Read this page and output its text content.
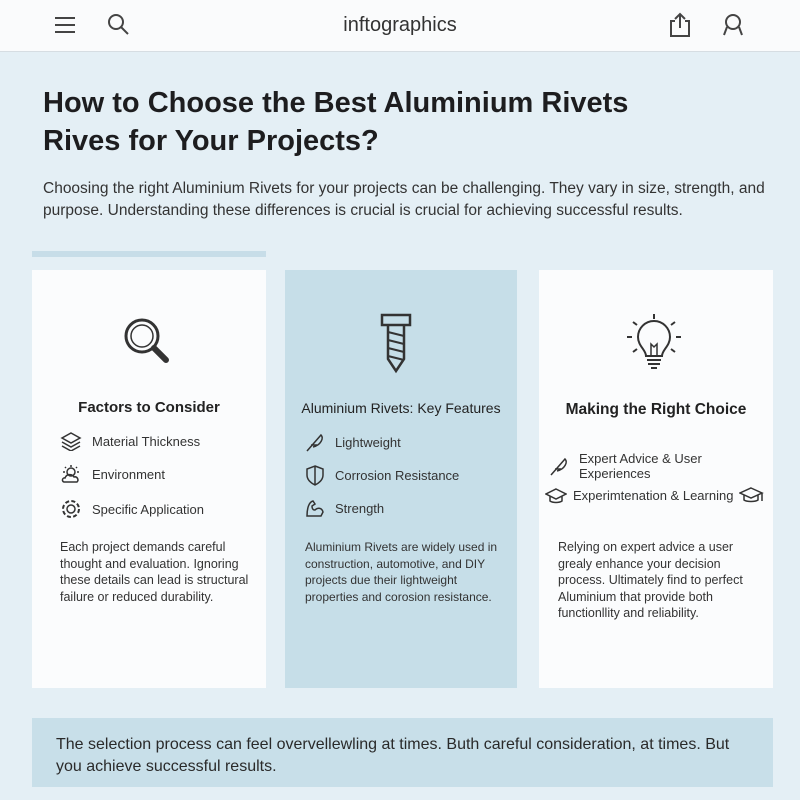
inftographics
How to Choose the Best Aluminium Rivets Rives for Your Projects?

Choosing the right Aluminium Rivets for your projects can be challenging. They vary in size, strength, and purpose. Understanding these differences is crucial is crucial for achieving successful results.

Factors to Consider
Material Thickness
Environment
Specific Application

Each project demands careful thought and evaluation. Ignoring these details can lead is structural failure or reduced durability.

Aluminium Rivets: Key Features
Lightweight
Corrosion Resistance
Strength

Aluminium Rivets are widely used in construction, automotive, and DIY projects due their lightweight properties and corosion resistance.

Making the Right Choice
Expert Advice & User Experiences
Experimtenation & Learning

Relying on expert advice a user grealy enhance your decision process. Ultimately find to perfect Aluminium that provide both functionllity and reliability.

The selection process can feel overvellewling at times. Buth careful consideration, at times. But you achieve successful results.
